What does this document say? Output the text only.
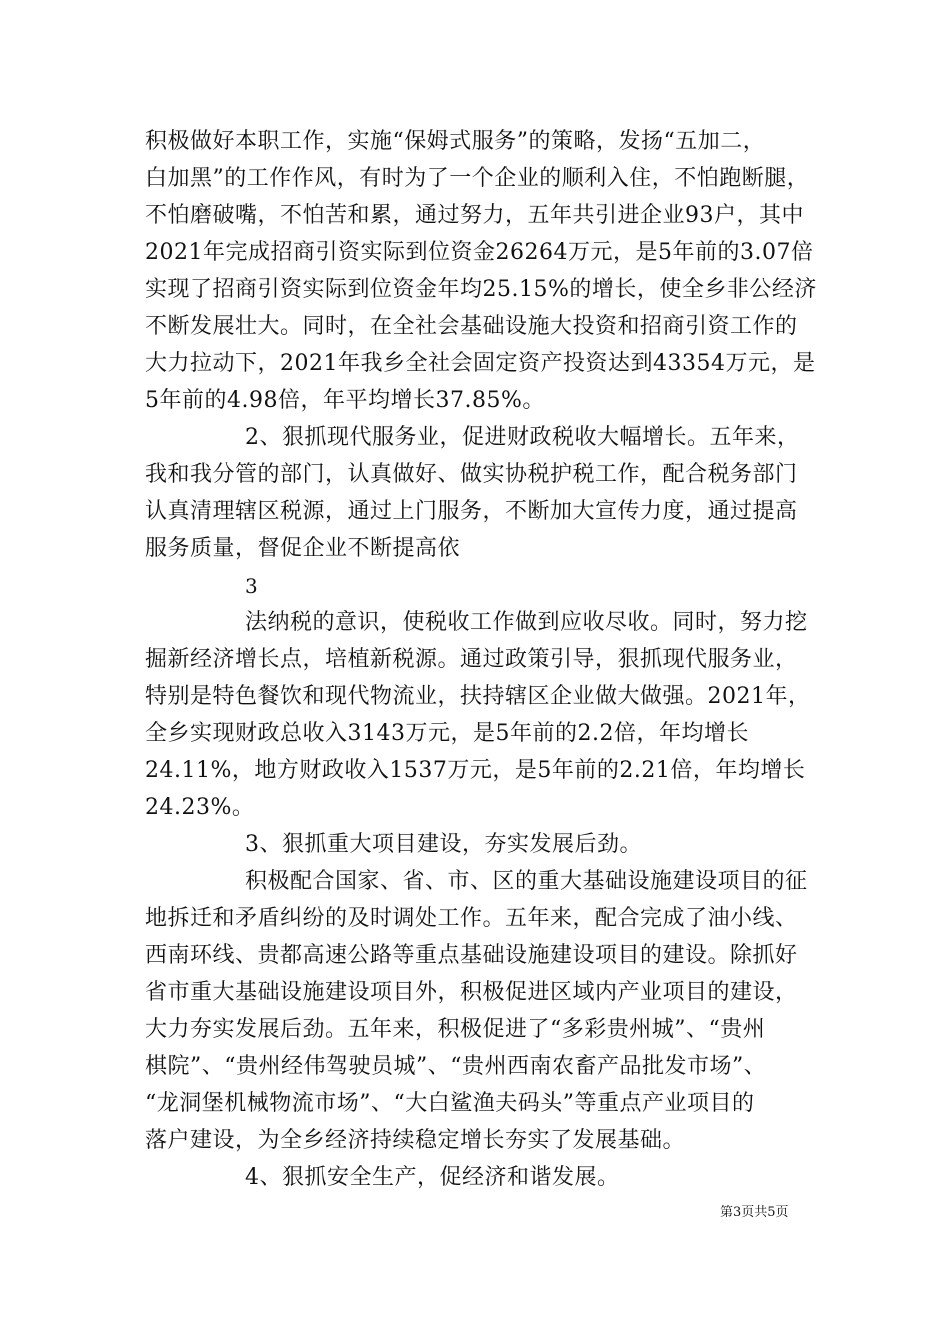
积极做好本职工作，实施“保姆式服务”的策略，发扬“五加二，
白加黑”的工作作风，有时为了一个企业的顺利入住，不怕跑断腿，
不怕磨破嘴，不怕苦和累，通过努力，五年共引进企业93户，其中
2021年完成招商引资实际到位资金26264万元，是5年前的3.07倍
实现了招商引资实际到位资金年均25.15%的增长，使全乡非公经济
不断发展壮大。同时，在全社会基础设施大投资和招商引资工作的
大力拉动下，2021年我乡全社会固定资产投资达到43354万元，是
5年前的4.98倍，年平均增长37.85%。
2、狠抓现代服务业，促进财政税收大幅增长。五年来，
我和我分管的部门，认真做好、做实协税护税工作，配合税务部门
认真清理辖区税源，通过上门服务，不断加大宣传力度，通过提高
服务质量，督促企业不断提高依
3
法纳税的意识，使税收工作做到应收尽收。同时，努力挖
掘新经济增长点，培植新税源。通过政策引导，狠抓现代服务业，
特别是特色餐饮和现代物流业，扶持辖区企业做大做强。2021年，
全乡实现财政总收入3143万元，是5年前的2.2倍，年均增长
24.11%，地方财政收入1537万元，是5年前的2.21倍，年均增长
24.23%。
3、狠抓重大项目建设，夯实发展后劲。
积极配合国家、省、市、区的重大基础设施建设项目的征
地拆迁和矛盾纠纷的及时调处工作。五年来，配合完成了油小线、
西南环线、贵都高速公路等重点基础设施建设项目的建设。除抓好
省市重大基础设施建设项目外，积极促进区域内产业项目的建设，
大力夯实发展后劲。五年来，积极促进了“多彩贵州城”、“贵州
棋院”、“贵州经伟驾驶员城”、“贵州西南农畜产品批发市场”、
“龙洞堡机械物流市场”、“大白鲨渔夫码头”等重点产业项目的
落户建设，为全乡经济持续稳定增长夯实了发展基础。
4、狠抓安全生产，促经济和谐发展。
第3页共5页
